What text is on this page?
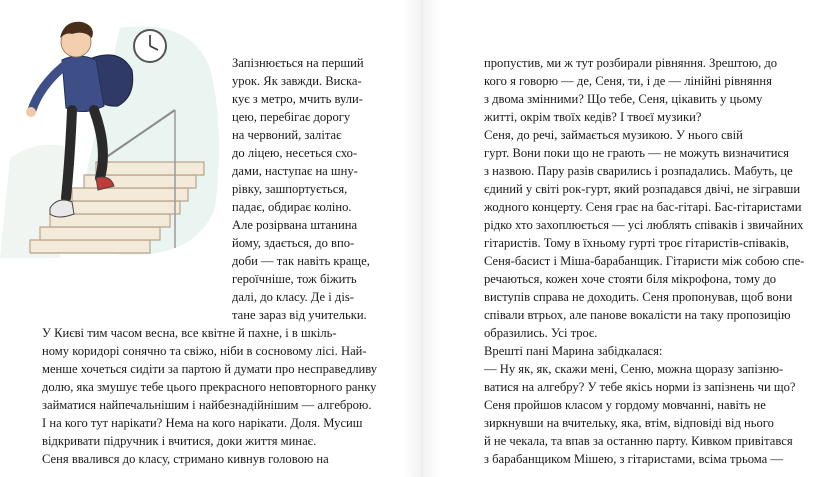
Запізнюється на перший
урок. Як завжди. Виска-
кує з метро, мчить вули-
цею, перебігає дорогу
на червоний, залітає
до ліцею, несеться схо-
дами, наступає на шну-
рівку, зашпортується,
падає, обдирає коліно.
Але розірвана штанина
йому, здається, до впо-
доби — так навіть краще,
героїчніше, тож біжить
далі, до класу. Де і дis-
тане зараз від учительки.
пропустив, ми ж тут розбирали рівняння. Зрештою, до
кого я говорю — де, Сеня, ти, і де — лінійні рівняння
з двома змінними? Що тебе, Сеня, цікавить у цьому
житті, окрім твоїх кедів? І твоєї музики?
Сеня, до речі, займається музикою. У нього свій
гурт. Вони поки що не грають — не можуть визначитися
з назвою. Пару разів сварились і розпадались. Мабуть, це
єдиний у світі рок-гурт, який розпадався двічі, не зігравши
жодного концерту. Сеня грає на бас-гітарі. Бас-гітаристами
рідко хто захоплюється — усі люблять співаків і звичайних
гітаристів. Тому в їхньому гурті троє гітаристів-співаків,
Сеня-басист і Міша-барабанщик. Гітаристи між собою спе-
речаються, кожен хоче стояти біля мікрофона, тому до
виступів справа не доходить. Сеня пропонував, щоб вони
співали втрьох, але панове вокалісти на таку пропозицію
образились. Усі троє.
Врешті пані Марина забідкалася:
— Ну як, як, скажи мені, Сеню, можна щоразу запізню-
ватися на алгебру? У тебе якісь норми із запізнень чи що?
Сеня пройшов класом у гордому мовчанні, навіть не
зиркнувши на вчительку, яка, втім, відповіді від нього
й не чекала, та впав за останню парту. Кивком привітався
з барабанщиком Мішею, з гітаристами, всіма трьома —
У Києві тим часом весна, все квітне й пахне, і в шкіль-
ному коридорі сонячно та свіжо, ніби в сосновому лісі. Най-
менше хочеться сидіти за партою й думати про несправедливу
долю, яка змушує тебе цього прекрасного неповторного ранку
займатися найпечальнішим і найбезнадійнішим — алгеброю.
І на кого тут нарікати? Нема на кого нарікати. Доля. Мусиш
відкривати підручник і вчитися, доки життя минає.
Сеня ввалився до класу, стримано кивнув головою на
